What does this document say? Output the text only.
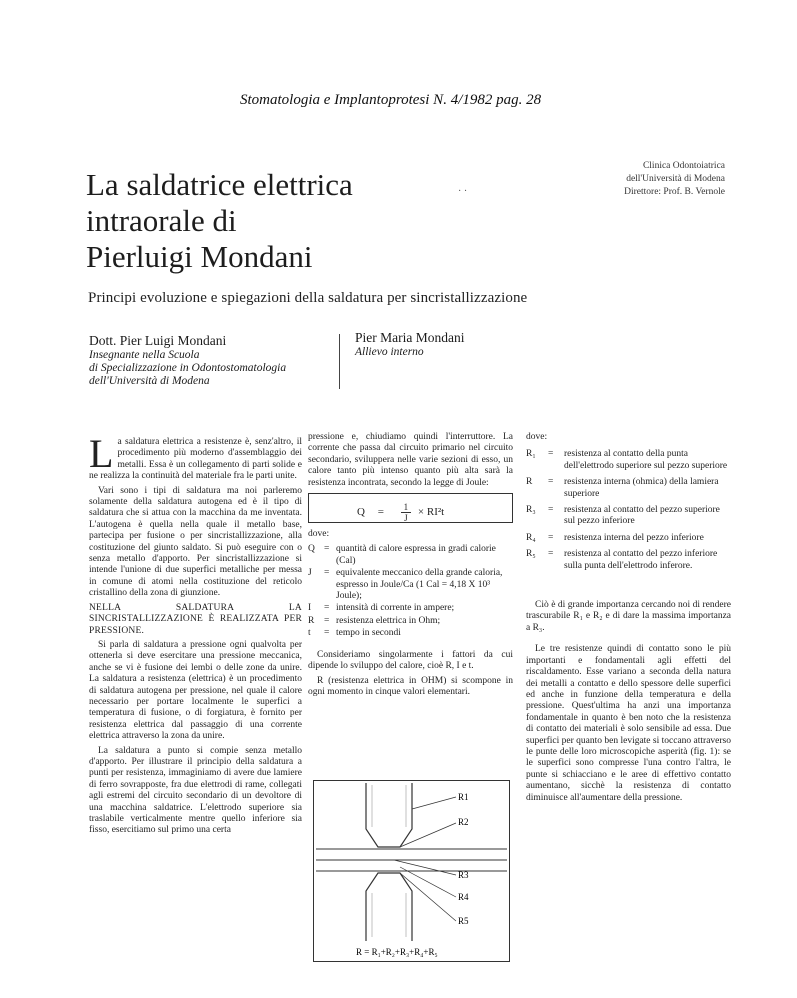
Stomatologia e Implantoprotesi N. 4/1982 pag. 28
La saldatrice elettrica
intraorale di
Pierluigi Mondani
Clinica Odontoiatrica
dell'Università di Modena
Direttore: Prof. B. Vernole
Principi evoluzione e spiegazioni della saldatura per sincristallizzazione
Dott. Pier Luigi Mondani
Insegnante nella Scuola
di Specializzazione in Odontostomatologia
dell'Università di Modena
Pier Maria Mondani
Allievo interno

La saldatura elettrica a resistenze è, senz'altro, il procedimento più moderno d'assemblaggio dei metalli. Essa è un collegamento di parti solide e ne realizza la continuità del materiale fra le parti unite.

Vari sono i tipi di saldatura ma noi parleremo solamente della saldatura autogena ed è il tipo di saldatura che si attua con la macchina da me inventata. L'autogena è quella nella quale il metallo base, partecipa per fusione o per sincristallizzazione, alla costituzione del giunto saldato. Si può eseguire con o senza metallo d'apporto. Per sincristallizzazione si intende l'unione di due superfici metalliche per messa in comune di atomi nella costituzione del reticolo cristallino della zona di giunzione.

NELLA SALDATURA LA SINCRISTALLIZZAZIONE È REALIZZATA PER PRESSIONE.

Si parla di saldatura a pressione ogni qualvolta per ottenerla si deve esercitare una pressione meccanica, anche se vi è fusione dei lembi o delle zone da unire. La saldatura a resistenza (elettrica) è un procedimento di saldatura autogena per pressione, nel quale il calore necessario per portare localmente le superfici a temperatura di fusione, o di forgiatura, è fornito per resistenza elettrica dal passaggio di una corrente elettrica attraverso la zona da unire.

La saldatura a punto si compie senza metallo d'apporto. Per illustrare il principio della saldatura a punti per resistenza, immaginiamo di avere due lamiere di ferro sovrapposte, fra due elettrodi di rame, collegati agli estremi del circuito secondario di un devoltore di una macchina saldatrice. L'elettrodo superiore sia traslabile verticalmente mentre quello inferiore sia fisso, esercitiamo sul primo una certa

pressione e, chiudiamo quindi l'interruttore. La corrente che passa dal circuito primario nel circuito secondario, sviluppera nelle varie sezioni di esso, un calore tanto più intenso quanto più alta sarà la resistenza incontrata, secondo la legge di Joule:

$Q = \frac{1}{J} \times RI^2t$
dove:
Q = quantità di calore espressa in gradi calorie (Cal)
J	= equivalente meccanico della grande caloria, espresso in Joule/Ca (1 Cal = 4,18 X 10³ Joule);
I	= intensità di corrente in ampere;
R	= resistenza elettrica in Ohm;
t	= tempo in secondi

Consideriamo singolarmente i fattori da cui dipende lo sviluppo del calore, cioè R, I e t.

R (resistenza elettrica in OHM) si scompone in ogni momento in cinque valori elementari.

R1
R2
R3
R4
R5
R = R₁+R₂+R₃+R₄+R₅
dove:
R₁	=	resistenza al contatto della punta dell'elettrodo superiore sul pezzo superiore
R	=	resistenza interna (ohmica) della lamiera superiore
R₃	=	resistenza al contatto del pezzo superiore sul pezzo inferiore
R₄	=	resistenza interna del pezzo inferiore
R₅	=	resistenza al contatto del pezzo inferiore sulla punta dell'elettrodo inferore.

Ciò è di grande importanza cercando noi di rendere trascurabile R₁ e R₂ e di dare la massima importanza a R₃.

Le tre resistenze quindi di contatto sono le più importanti e fondamentali agli effetti del riscaldamento. Esse variano a seconda della natura dei metalli a contatto e dello spessore delle superfici ed anche in funzione della temperatura e della pressione. Quest'ultima ha anzi una importanza fondamentale in quanto è ben noto che la resistenza di contatto dei materiali è solo sensibile ad essa. Due superfici per quanto ben levigate si toccano attraverso le punte delle loro microscopiche asperità (fig. 1): se le superfici sono compresse l'una contro l'altra, le punte si schiacciano e le aree di effettivo contatto aumentano, sicchè la resistenza di contatto diminuisce all'aumentare della pressione.

· ·
